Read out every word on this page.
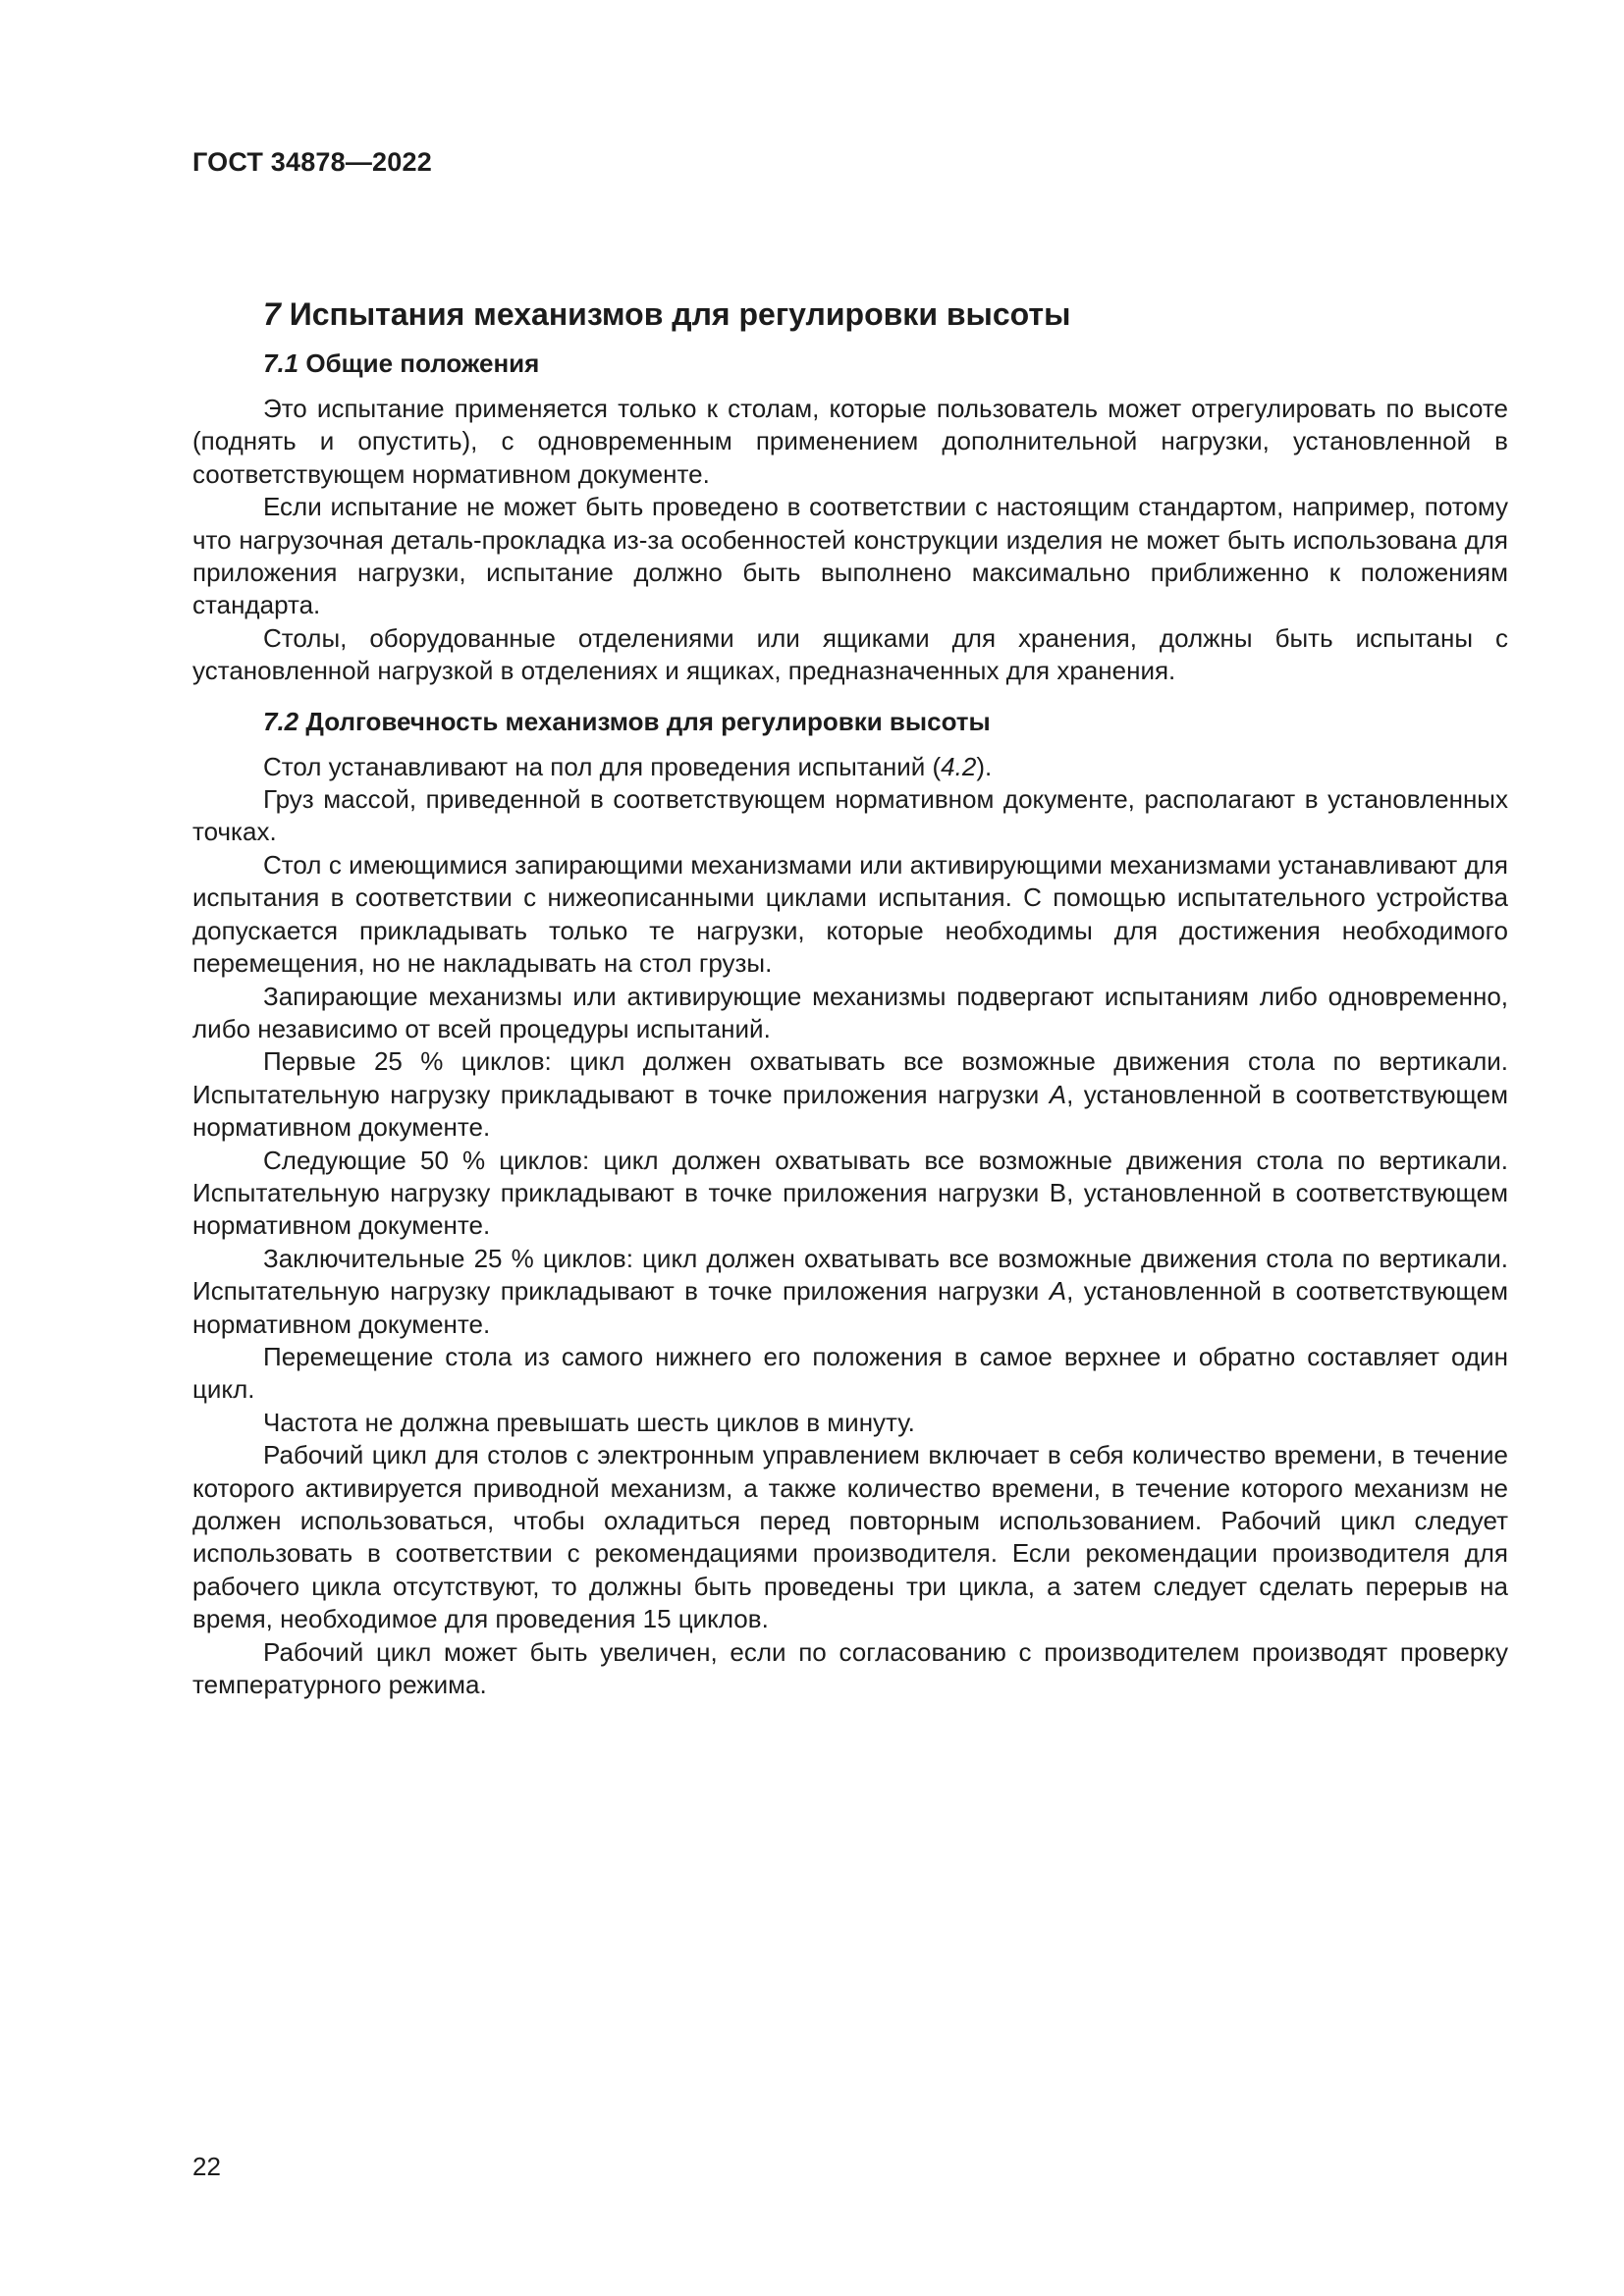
ГОСТ 34878—2022
7 Испытания механизмов для регулировки высоты
7.1 Общие положения

Это испытание применяется только к столам, которые пользователь может отрегулировать по высоте (поднять и опустить), с одновременным применением дополнительной нагрузки, установленной в соответствующем нормативном документе.

Если испытание не может быть проведено в соответствии с настоящим стандартом, например, потому что нагрузочная деталь-прокладка из-за особенностей конструкции изделия не может быть использована для приложения нагрузки, испытание должно быть выполнено максимально приближенно к положениям стандарта.

Столы, оборудованные отделениями или ящиками для хранения, должны быть испытаны с установленной нагрузкой в отделениях и ящиках, предназначенных для хранения.

7.2 Долговечность механизмов для регулировки высоты

Стол устанавливают на пол для проведения испытаний (4.2).

Груз массой, приведенной в соответствующем нормативном документе, располагают в установленных точках.

Стол с имеющимися запирающими механизмами или активирующими механизмами устанавливают для испытания в соответствии с нижеописанными циклами испытания. С помощью испытательного устройства допускается прикладывать только те нагрузки, которые необходимы для достижения необходимого перемещения, но не накладывать на стол грузы.

Запирающие механизмы или активирующие механизмы подвергают испытаниям либо одновременно, либо независимо от всей процедуры испытаний.

Первые 25 % циклов: цикл должен охватывать все возможные движения стола по вертикали. Испытательную нагрузку прикладывают в точке приложения нагрузки А, установленной в соответствующем нормативном документе.

Следующие 50 % циклов: цикл должен охватывать все возможные движения стола по вертикали. Испытательную нагрузку прикладывают в точке приложения нагрузки В, установленной в соответствующем нормативном документе.

Заключительные 25 % циклов: цикл должен охватывать все возможные движения стола по вертикали. Испытательную нагрузку прикладывают в точке приложения нагрузки А, установленной в соответствующем нормативном документе.

Перемещение стола из самого нижнего его положения в самое верхнее и обратно составляет один цикл.

Частота не должна превышать шесть циклов в минуту.

Рабочий цикл для столов с электронным управлением включает в себя количество времени, в течение которого активируется приводной механизм, а также количество времени, в течение которого механизм не должен использоваться, чтобы охладиться перед повторным использованием. Рабочий цикл следует использовать в соответствии с рекомендациями производителя. Если рекомендации производителя для рабочего цикла отсутствуют, то должны быть проведены три цикла, а затем следует сделать перерыв на время, необходимое для проведения 15 циклов.

Рабочий цикл может быть увеличен, если по согласованию с производителем производят проверку температурного режима.

22
